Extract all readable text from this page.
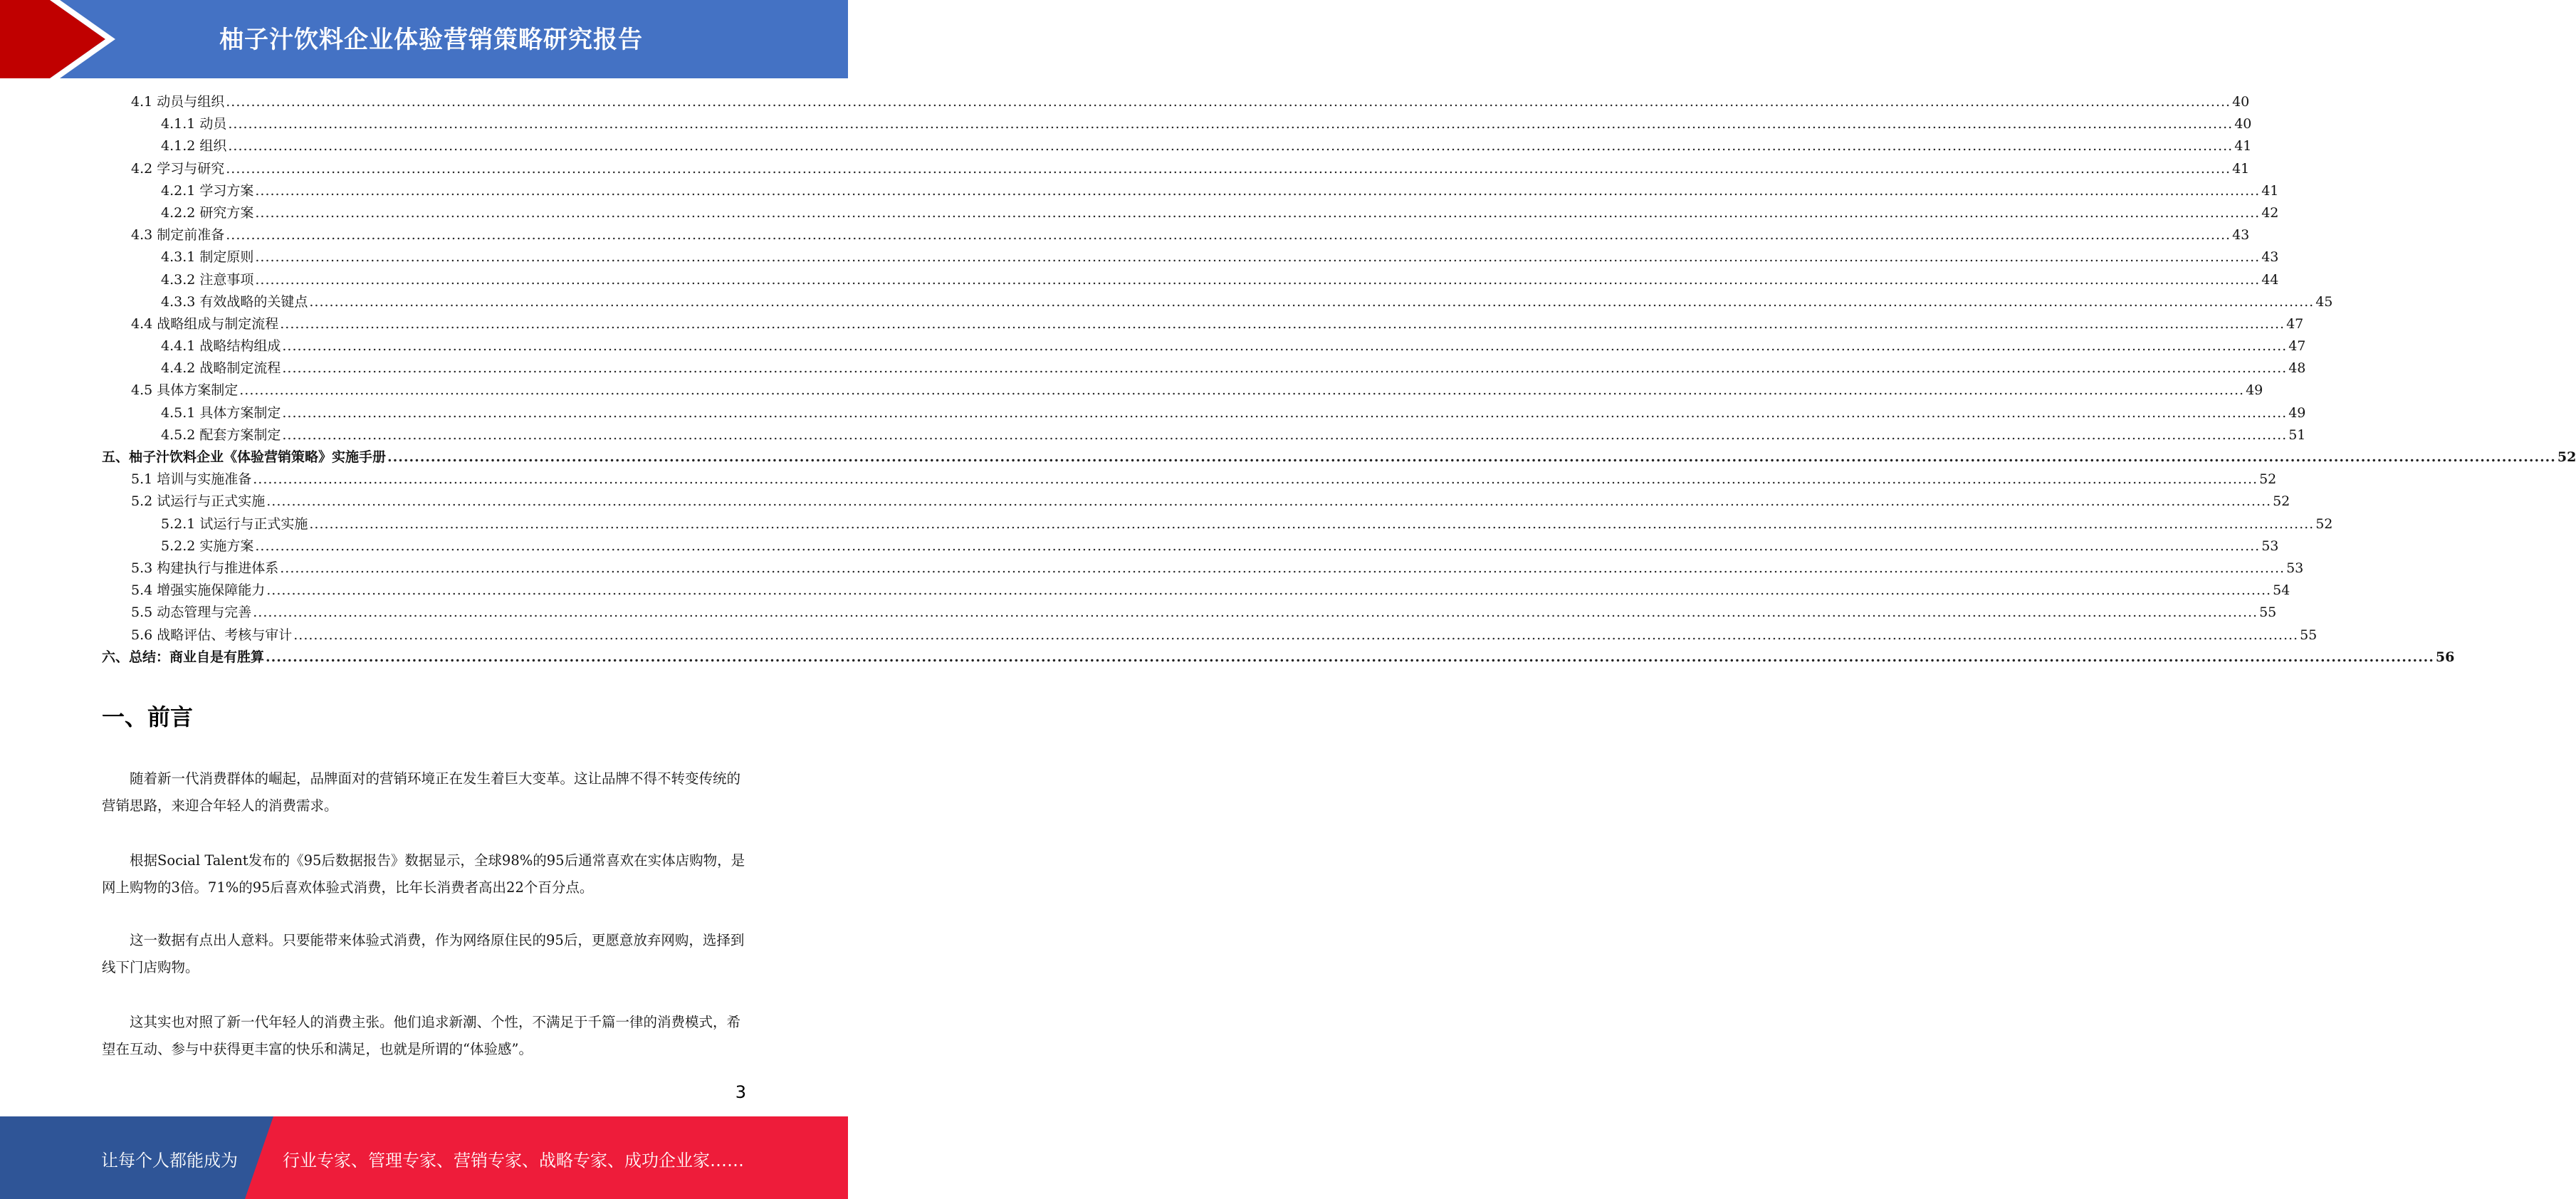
柚子汁饮料企业体验营销策略研究报告
4.1 动员与组织 ................................................................................................................................................................................................................................................................................................................................................................................................................ 40
4.1.1 动员 ................................................................................................................................................................................................................................................................................................................................................................................................................ 40
4.1.2 组织 ................................................................................................................................................................................................................................................................................................................................................................................................................ 41
4.2 学习与研究 ................................................................................................................................................................................................................................................................................................................................................................................................................ 41
4.2.1 学习方案 ................................................................................................................................................................................................................................................................................................................................................................................................................ 41
4.2.2 研究方案 ................................................................................................................................................................................................................................................................................................................................................................................................................ 42
4.3 制定前准备 ................................................................................................................................................................................................................................................................................................................................................................................................................ 43
4.3.1 制定原则 ................................................................................................................................................................................................................................................................................................................................................................................................................ 43
4.3.2 注意事项 ................................................................................................................................................................................................................................................................................................................................................................................................................ 44
4.3.3 有效战略的关键点 ................................................................................................................................................................................................................................................................................................................................................................................................................ 45
4.4 战略组成与制定流程 ................................................................................................................................................................................................................................................................................................................................................................................................................ 47
4.4.1 战略结构组成 ................................................................................................................................................................................................................................................................................................................................................................................................................ 47
4.4.2 战略制定流程 ................................................................................................................................................................................................................................................................................................................................................................................................................ 48
4.5 具体方案制定 ................................................................................................................................................................................................................................................................................................................................................................................................................ 49
4.5.1 具体方案制定 ................................................................................................................................................................................................................................................................................................................................................................................................................ 49
4.5.2 配套方案制定 ................................................................................................................................................................................................................................................................................................................................................................................................................ 51
五、柚子汁饮料企业《体验营销策略》实施手册 ................................................................................................................................................................................................................................................................................................................................................................................................................ 52
5.1 培训与实施准备 ................................................................................................................................................................................................................................................................................................................................................................................................................ 52
5.2 试运行与正式实施 ................................................................................................................................................................................................................................................................................................................................................................................................................ 52
5.2.1 试运行与正式实施 ................................................................................................................................................................................................................................................................................................................................................................................................................ 52
5.2.2 实施方案 ................................................................................................................................................................................................................................................................................................................................................................................................................ 53
5.3 构建执行与推进体系 ................................................................................................................................................................................................................................................................................................................................................................................................................ 53
5.4 增强实施保障能力 ................................................................................................................................................................................................................................................................................................................................................................................................................ 54
5.5 动态管理与完善 ................................................................................................................................................................................................................................................................................................................................................................................................................ 55
5.6 战略评估、考核与审计 ................................................................................................................................................................................................................................................................................................................................................................................................................ 55
六、总结：商业自是有胜算 ................................................................................................................................................................................................................................................................................................................................................................................................................ 56
一、前言

随着新一代消费群体的崛起，品牌面对的营销环境正在发生着巨大变革。这让品牌不得不转变传统的营销思路，来迎合年轻人的消费需求。

根据Social Talent发布的《95后数据报告》数据显示，全球98%的95后通常喜欢在实体店购物，是网上购物的3倍。71%的95后喜欢体验式消费，比年长消费者高出22个百分点。

这一数据有点出人意料。只要能带来体验式消费，作为网络原住民的95后，更愿意放弃网购，选择到线下门店购物。

这其实也对照了新一代年轻人的消费主张。他们追求新潮、个性，不满足于千篇一律的消费模式，希望在互动、参与中获得更丰富的快乐和满足，也就是所谓的“体验感”。

3
让每个人都能成为	行业专家、管理专家、营销专家、战略专家、成功企业家……
